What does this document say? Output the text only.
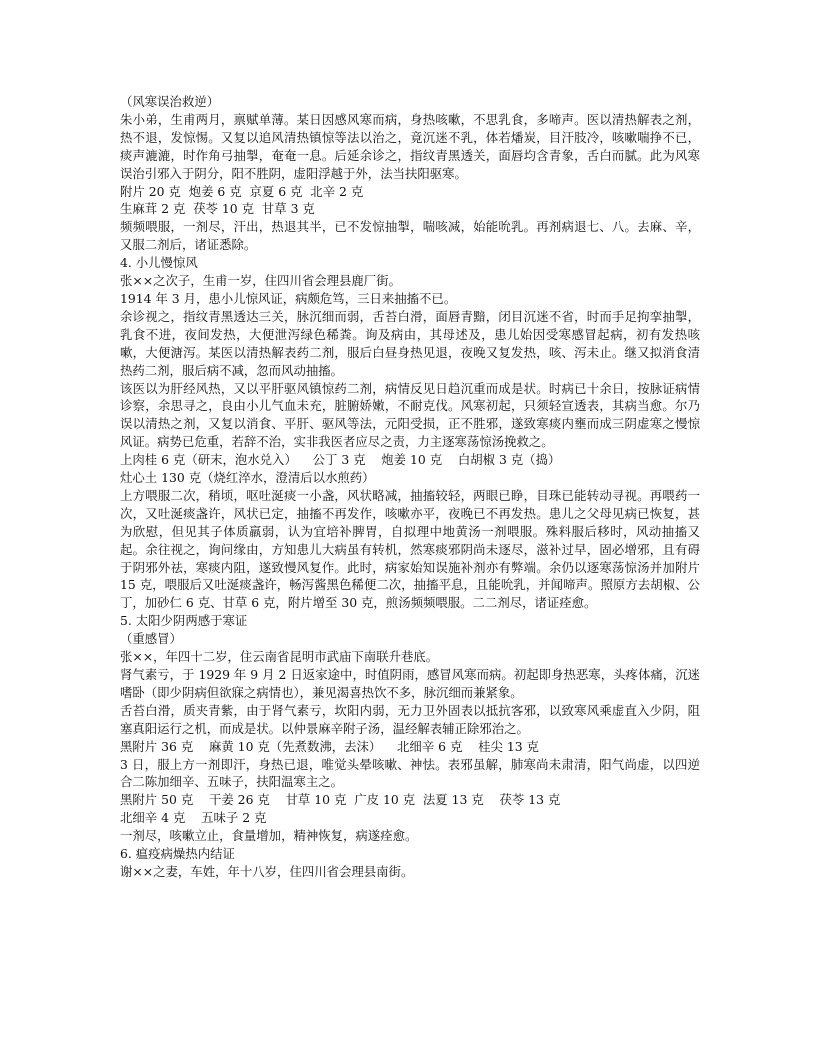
（风寒误治救逆）
朱小弟，生甫两月，禀赋单薄。某日因感风寒而病，身热咳嗽，不思乳食，多啼声。医以清热解表之剂，热不退，发惊惕。又复以追风清热镇惊等法以治之，竟沉迷不乳，体若燔炭，目汗肢冷，咳嗽喘挣不已，痰声漉漉，时作角弓抽掣，奄奄一息。后延余诊之，指纹青黑透关，面唇均含青象，舌白而腻。此为风寒误治引邪入于阴分，阳不胜阴，虚阳浮越于外，法当扶阳驱寒。
附片 20 克  炮姜 6 克  京夏 6 克  北辛 2 克
生麻茸 2 克  茯苓 10 克  甘草 3 克
频频喂服，一剂尽，汗出，热退其半，已不发惊抽掣，喘咳减，始能吮乳。再剂病退七、八。去麻、辛，又服二剂后，诸证悉除。
4. 小儿慢惊风
张××之次子，生甫一岁，住四川省会理县鹿厂街。
1914 年 3 月，患小儿惊风证，病颇危笃，三日来抽搐不已。
余诊视之，指纹青黑透达三关，脉沉细而弱，舌苔白滑，面唇青黯，闭目沉迷不省，时而手足拘挛抽掣，乳食不进，夜间发热，大便泄泻绿色稀粪。询及病由，其母述及，患儿始因受寒感冒起病，初有发热咳嗽，大便溏泻。某医以清热解表药二剂，服后白昼身热见退，夜晚又复发热，咳、泻未止。继又拟消食清热药二剂，服后病不减，忽而风动抽搐。
该医以为肝经风热，又以平肝驱风镇惊药二剂，病情反见日趋沉重而成是状。时病已十余日，按脉证病情诊察，余思寻之，良由小儿气血未充，脏腑娇嫩，不耐克伐。风寒初起，只须轻宣透表，其病当愈。尔乃误以清热之剂，又复以消食、平肝、驱风等法，元阳受损，正不胜邪，遂致寒痰内壅而成三阴虚寒之慢惊风证。病势已危重，若辞不治，实非我医者应尽之责，力主逐寒荡惊汤挽救之。
上肉桂 6 克（研末，泡水兑入）    公丁 3 克    炮姜 10 克    白胡椒 3 克（捣）
灶心土 130 克（烧红淬水，澄清后以水煎药）
上方喂服二次，稍顷，呕吐涎痰一小盏，风状略减，抽搐较轻，两眼已睁，目珠已能转动寻视。再喂药一次，又吐涎痰盏许，风状已定，抽搐不再发作，咳嗽亦平，夜晚已不再发热。患儿之父母见病已恢复，甚为欣慰，但见其子体质羸弱，认为宜培补脾胃，自拟理中地黄汤一剂喂服。殊料服后移时，风动抽搐又起。余往视之，询问缘由，方知患儿大病虽有转机，然寒痰邪阴尚未逐尽，滋补过早，固必增邪，且有碍于阴邪外祛，寒痰内阻，遂致慢风复作。此时，病家始知误施补剂亦有弊端。余仍以逐寒荡惊汤并加附片 15 克，喂服后又吐涎痰盏许，畅泻酱黑色稀便二次，抽搐平息，且能吮乳，并闻啼声。照原方去胡椒、公丁，加砂仁 6 克、甘草 6 克，附片增至 30 克，煎汤频频喂服。二二剂尽，诸证痊愈。
5. 太阳少阴两感于寒证
（重感冒）
张××，年四十二岁，住云南省昆明市武庙下南联升巷底。
肾气素亏，于 1929 年 9 月 2 日返家途中，时值阴雨，感冒风寒而病。初起即身热恶寒，头疼体痛，沉迷嗜卧（即少阴病但欲寐之病情也），兼见渴喜热饮不多，脉沉细而兼紧象。
舌苔白滑，质夹青紫，由于肾气素亏，坎阳内弱，无力卫外固表以抵抗客邪，以致寒风乘虚直入少阴，阻塞真阳运行之机，而成是状。以仲景麻辛附子汤，温经解表辅正除邪治之。
黑附片 36 克    麻黄 10 克（先煮数沸，去沫）    北细辛 6 克    桂尖 13 克
3 日，服上方一剂即汗，身热已退，唯觉头晕咳嗽、神怯。表邪虽解，肺寒尚未肃清，阳气尚虚，以四逆合二陈加细辛、五味子，扶阳温寒主之。
黑附片 50 克    干姜 26 克    甘草 10 克  广皮 10 克  法夏 13 克    茯苓 13 克
北细辛 4 克    五味子 2 克
一剂尽，咳嗽立止，食量增加，精神恢复，病遂痊愈。
6. 瘟疫病燥热内结证
谢××之妻，车姓，年十八岁，住四川省会理县南街。
